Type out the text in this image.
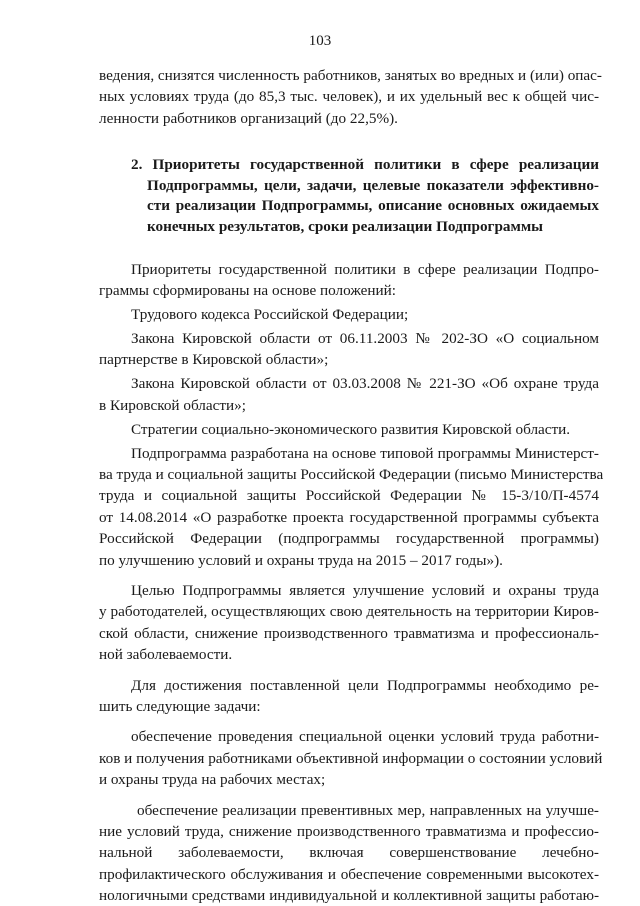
103
ведения, снизятся численность работников, занятых во вредных и (или) опас-
ных условиях труда (до 85,3 тыс. человек), и их удельный вес к общей чис-
ленности работников организаций (до 22,5%).
2. Приоритеты государственной политики в сфере реализации
Подпрограммы, цели, задачи, целевые показатели эффективно-
сти реализации Подпрограммы, описание основных ожидаемых
конечных результатов, сроки реализации Подпрограммы
Приоритеты государственной политики в сфере реализации Подпро-
граммы сформированы на основе положений:
Трудового кодекса Российской Федерации;
Закона Кировской области от 06.11.2003 № 202-ЗО «О социальном
партнерстве в Кировской области»;
Закона Кировской области от 03.03.2008 № 221-ЗО «Об охране труда
в Кировской области»;
Стратегии социально-экономического развития Кировской области.
Подпрограмма разработана на основе типовой программы Министерст-
ва труда и социальной защиты Российской Федерации (письмо Министерства
труда и социальной защиты Российской Федерации № 15-3/10/П-4574
от 14.08.2014 «О разработке проекта государственной программы субъекта
Российской Федерации (подпрограммы государственной программы)
по улучшению условий и охраны труда на 2015 – 2017 годы»).
Целью Подпрограммы является улучшение условий и охраны труда
у работодателей, осуществляющих свою деятельность на территории Киров-
ской области, снижение производственного травматизма и профессиональ-
ной заболеваемости.
Для достижения поставленной цели Подпрограммы необходимо ре-
шить следующие задачи:
обеспечение проведения специальной оценки условий труда работни-
ков и получения работниками объективной информации о состоянии условий
и охраны труда на рабочих местах;
обеспечение реализации превентивных мер, направленных на улучше-
ние условий труда, снижение производственного травматизма и профессио-
нальной заболеваемости, включая совершенствование лечебно-
профилактического обслуживания и обеспечение современными высокотех-
нологичными средствами индивидуальной и коллективной защиты работаю-
